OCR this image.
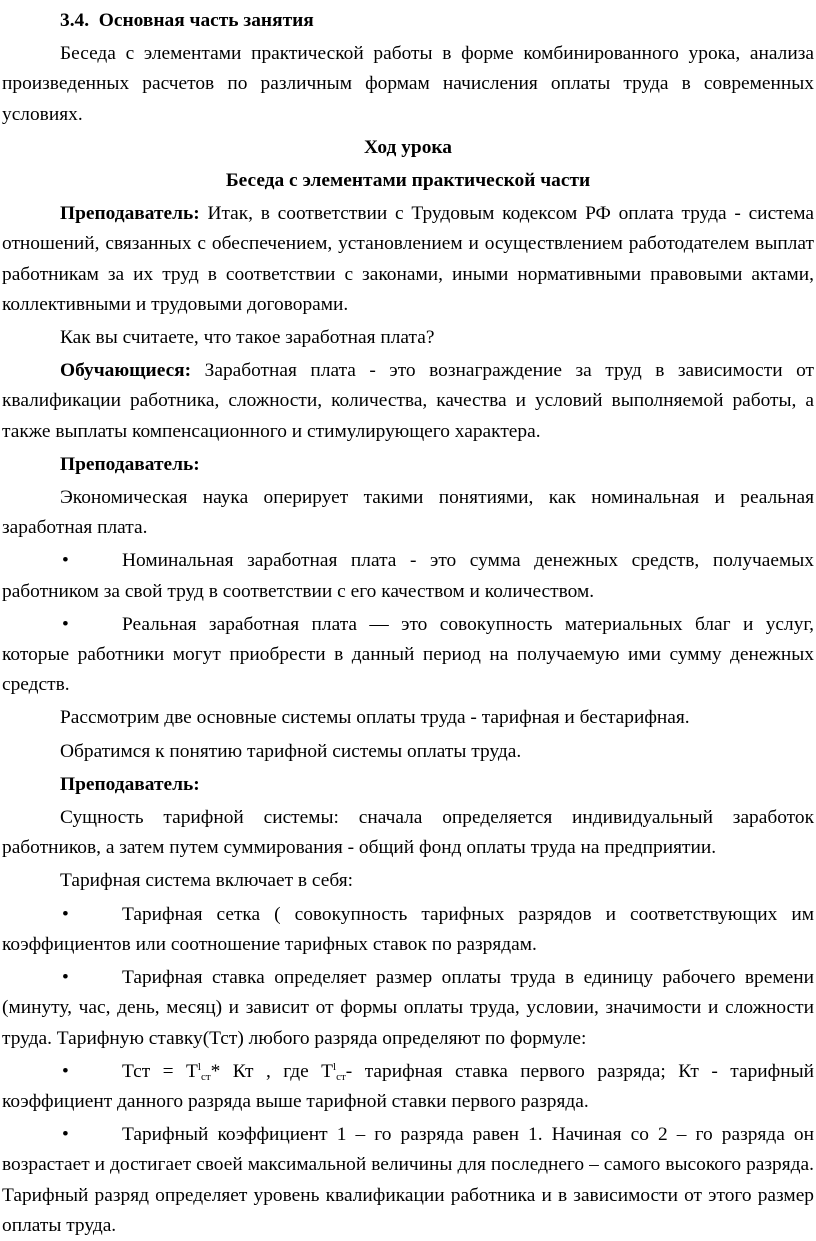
3.4. Основная часть занятия

Беседа с элементами практической работы в форме комбинированного урока, анализа произведенных расчетов по различным формам начисления оплаты труда в современных условиях.

Ход урока

Беседа с элементами практической части

Преподаватель: Итак, в соответствии с Трудовым кодексом РФ оплата труда - система отношений, связанных с обеспечением, установлением и осуществлением работодателем выплат работникам за их труд в соответствии с законами, иными нормативными правовыми актами, коллективными и трудовыми договорами.

Как вы считаете, что такое заработная плата?

Обучающиеся: Заработная плата - это вознаграждение за труд в зависимости от квалификации работника, сложности, количества, качества и условий выполняемой работы, а также выплаты компенсационного и стимулирующего характера.

Преподаватель:

Экономическая наука оперирует такими понятиями, как номинальная и реальная заработная плата.

• Номинальная заработная плата - это сумма денежных средств, получаемых работником за свой труд в соответствии с его качеством и количеством.

• Реальная заработная плата — это совокупность материальных благ и услуг, которые работники могут приобрести в данный период на получаемую ими сумму денежных средств.

Рассмотрим две основные системы оплаты труда - тарифная и бестарифная.

Обратимся к понятию тарифной системы оплаты труда.

Преподаватель:

Сущность тарифной системы: сначала определяется индивидуальный заработок работников, а затем путем суммирования - общий фонд оплаты труда на предприятии.

Тарифная система включает в себя:

• Тарифная сетка ( совокупность тарифных разрядов и соответствующих им коэффициентов или соотношение тарифных ставок по разрядам.

• Тарифная ставка определяет размер оплаты труда в единицу рабочего времени (минуту, час, день, месяц) и зависит от формы оплаты труда, условии, значимости и сложности труда. Тарифную ставку(Тст) любого разряда определяют по формуле:

• Тст = $Т^l_{ст}*$ Кт , где $Т^l_{ст}-$ тарифная ставка первого разряда; Кт - тарифный коэффициент данного разряда выше тарифной ставки первого разряда.

• Тарифный коэффициент 1 – го разряда равен 1. Начиная со 2 – го разряда он возрастает и достигает своей максимальной величины для последнего – самого высокого разряда. Тарифный разряд определяет уровень квалификации работника и в зависимости от этого размер оплаты труда.
